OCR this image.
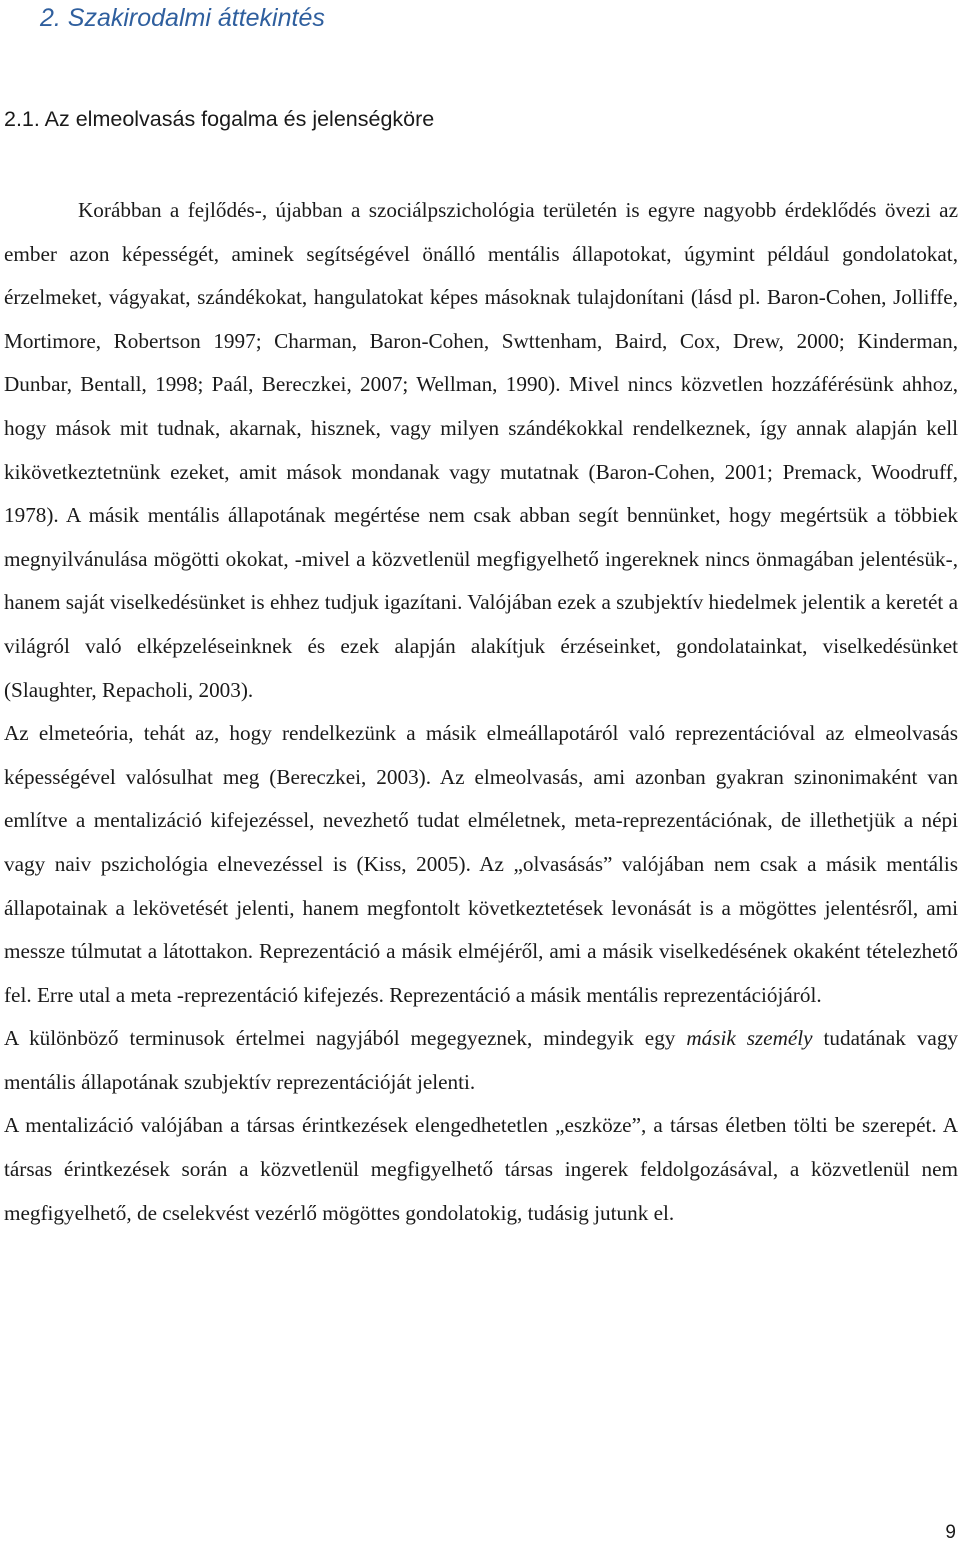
2. Szakirodalmi áttekintés
2.1. Az elmeolvasás fogalma és jelenségköre

Korábban a fejlődés-, újabban a szociálpszichológia területén is egyre nagyobb érdeklődés övezi az ember azon képességét, aminek segítségével önálló mentális állapotokat, úgymint például gondolatokat, érzelmeket, vágyakat, szándékokat, hangulatokat képes másoknak tulajdonítani (lásd pl. Baron-Cohen, Jolliffe, Mortimore, Robertson 1997; Charman, Baron-Cohen, Swttenham, Baird, Cox, Drew, 2000; Kinderman, Dunbar, Bentall, 1998; Paál, Bereczkei, 2007; Wellman, 1990). Mivel nincs közvetlen hozzáférésünk ahhoz, hogy mások mit tudnak, akarnak, hisznek, vagy milyen szándékokkal rendelkeznek, így annak alapján kell kikövetkeztetnünk ezeket, amit mások mondanak vagy mutatnak (Baron-Cohen, 2001; Premack, Woodruff, 1978). A másik mentális állapotának megértése nem csak abban segít bennünket, hogy megértsük a többiek megnyilvánulása mögötti okokat, -mivel a közvetlenül megfigyelhető ingereknek nincs önmagában jelentésük-, hanem saját viselkedésünket is ehhez tudjuk igazítani. Valójában ezek a szubjektív hiedelmek jelentik a keretét a világról való elképzeléseinknek és ezek alapján alakítjuk érzéseinket, gondolatainkat, viselkedésünket (Slaughter, Repacholi, 2003).

Az elmeteória, tehát az, hogy rendelkezünk a másik elmeállapotáról való reprezentációval az elmeolvasás képességével valósulhat meg (Bereczkei, 2003). Az elmeolvasás, ami azonban gyakran szinonimaként van említve a mentalizáció kifejezéssel, nevezhető tudat elméletnek, meta-reprezentációnak, de illethetjük a népi vagy naiv pszichológia elnevezéssel is (Kiss, 2005). Az „olvasásás” valójában nem csak a másik mentális állapotainak a lekövetését jelenti, hanem megfontolt következtetések levonását is a mögöttes jelentésről, ami messze túlmutat a látottakon. Reprezentáció a másik elméjéről, ami a másik viselkedésének okaként tételezhető fel. Erre utal a meta -reprezentáció kifejezés. Reprezentáció a másik mentális reprezentációjáról.

A különböző terminusok értelmei nagyjából megegyeznek, mindegyik egy másik személy tudatának vagy mentális állapotának szubjektív reprezentációját jelenti.

A mentalizáció valójában a társas érintkezések elengedhetetlen „eszköze”, a társas életben tölti be szerepét. A társas érintkezések során a közvetlenül megfigyelhető társas ingerek feldolgozásával, a közvetlenül nem megfigyelhető, de cselekvést vezérlő mögöttes gondolatokig, tudásig jutunk el.

9
